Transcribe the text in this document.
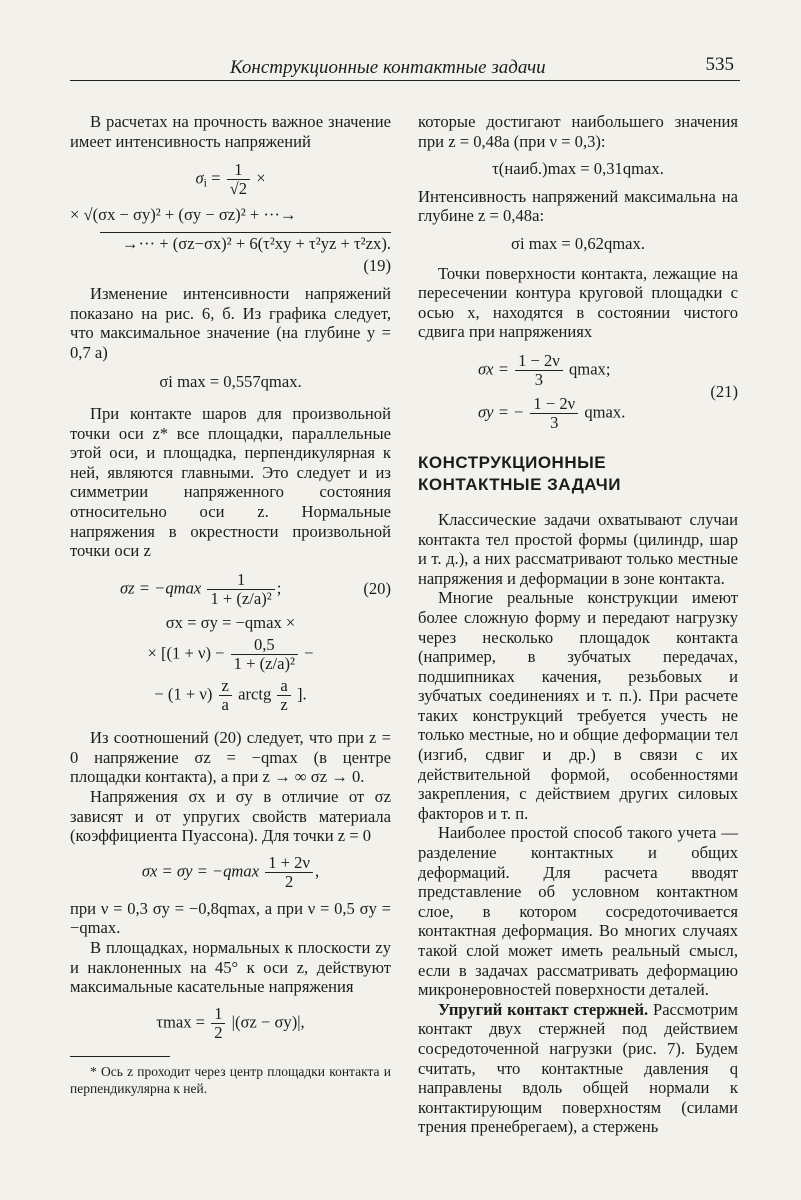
Конструкционные контактные задачи	535

В расчетах на прочность важное значение имеет интенсивность напряжений

$\sigma_i = \frac{1}{√2}$ ×
× √(σx − σy)² + (σy − σz)² + ···→
→··· + (σz−σx)² + 6(τ²xy + τ²yz + τ²zx).
(19)

Изменение интенсивности напряжений показано на рис. 6, б. Из графика следует, что максимальное значение (на глубине y = 0,7 a)

σi max = 0,557qmax.

При контакте шаров для произвольной точки оси z* все площадки, параллельные этой оси, и площадка, перпендикулярная к ней, являются главными. Это следует и из симметрии напряженного состояния относительно оси z. Нормальные напряжения в окрестности произвольной точки оси z

$\sigma z = -qmax \frac{1}{\text{1 + (z/a)²}}$ ;	(20)
σx = σy = −qmax ×
× [$(1 + \nu) - \frac{0,5}{\text{1 + (z/a)²}}$ −
− $(1 + \nu) \frac{z}{a}$ arctg $\frac{a}{z}$ ].

Из соотношений (20) следует, что при z = 0 напряжение σz = −qmax (в центре площадки контакта), а при z → ∞ σz → 0.

Напряжения σx и σy в отличие от σz зависят и от упругих свойств материала (коэффициента Пуассона). Для точки z = 0

$\sigma x = \sigma y = -qmax \frac{1 + 2\nu}{2}$ ,

при ν = 0,3 σy = −0,8qmax, а при ν = 0,5 σy = −qmax.

В площадках, нормальных к плоскости zy и наклоненных на 45° к оси z, действуют максимальные касательные напряжения

$\tau\max = \frac{1}{2} |(\sigma z - \sigma y)|$,

* Ось z проходит через центр площадки контакта и перпендикулярна к ней.

которые достигают наибольшего значения при z = 0,48a (при ν = 0,3):

τ(наиб.)max = 0,31qmax.

Интенсивность напряжений максимальна на глубине z = 0,48a:

σi max = 0,62qmax.

Точки поверхности контакта, лежащие на пересечении контура круговой площадки с осью x, находятся в состоянии чистого сдвига при напряжениях

$\sigma x = \frac{1 - 2\nu}{3} qmax$;
σy = − $\frac{1 - 2\nu}{3} qmax$.
(21)
КОНСТРУКЦИОННЫЕ
КОНТАКТНЫЕ ЗАДАЧИ

Классические задачи охватывают случаи контакта тел простой формы (цилиндр, шар и т. д.), а них рассматривают только местные напряжения и деформации в зоне контакта.

Многие реальные конструкции имеют более сложную форму и передают нагрузку через несколько площадок контакта (например, в зубчатых передачах, подшипниках качения, резьбовых и зубчатых соединениях и т. п.). При расчете таких конструкций требуется учесть не только местные, но и общие деформации тел (изгиб, сдвиг и др.) в связи с их действительной формой, особенностями закрепления, с действием других силовых факторов и т. п.

Наиболее простой способ такого учета — разделение контактных и общих деформаций. Для расчета вводят представление об условном контактном слое, в котором сосредоточивается контактная деформация. Во многих случаях такой слой может иметь реальный смысл, если в задачах рассматривать деформацию микронеровностей поверхности деталей.

Упругий контакт стержней. Рассмотрим контакт двух стержней под действием сосредоточенной нагрузки (рис. 7). Будем считать, что контактные давления q направлены вдоль общей нормали к контактирующим поверхностям (силами трения пренебрегаем), а стержень
